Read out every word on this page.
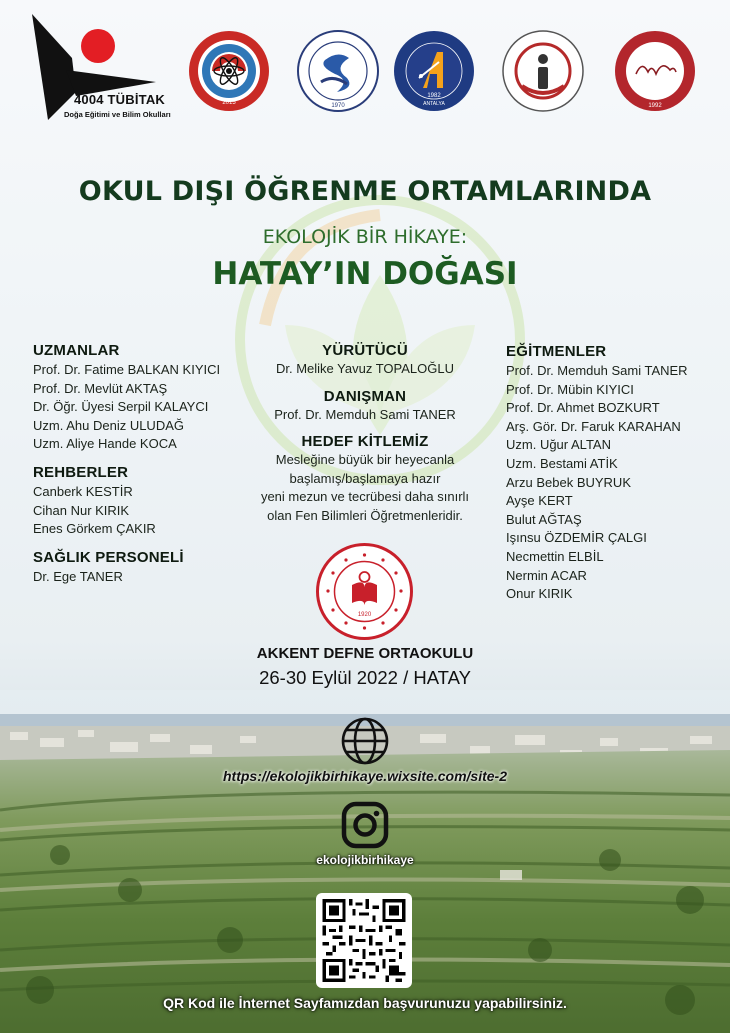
4004 TÜBİTAK
Doğa Eğitimi ve Bilim Okulları
2015	1970
1982
ANTALYA	1992
OKUL DIŞI ÖĞRENME ORTAMLARINDA
EKOLOJİK BİR HİKAYE:
HATAY’IN DOĞASI
UZMANLAR
Prof. Dr. Fatime BALKAN KIYICI
Prof. Dr. Mevlüt AKTAŞ
Dr. Öğr. Üyesi Serpil KALAYCI
Uzm. Ahu Deniz ULUDAĞ
Uzm. Aliye Hande KOCA
REHBERLER
Canberk KESTİR
Cihan Nur KIRIK
Enes Görkem ÇAKIR
SAĞLIK PERSONELİ
Dr. Ege TANER
YÜRÜTÜCÜ
Dr. Melike Yavuz TOPALOĞLU
DANIŞMAN
Prof. Dr. Memduh Sami TANER
HEDEF KİTLEMİZ
Mesleğine büyük bir heyecanla
başlamış/başlamaya hazır
yeni mezun ve tecrübesi daha sınırlı
olan Fen Bilimleri Öğretmenleridir.
1920
EĞİTMENLER
Prof. Dr. Memduh Sami TANER
Prof. Dr. Mübin KIYICI
Prof. Dr. Ahmet BOZKURT
Arş. Gör. Dr. Faruk KARAHAN
Uzm. Uğur ALTAN
Uzm. Bestami ATİK
Arzu Bebek BUYRUK
Ayşe KERT
Bulut AĞTAŞ
Işınsu ÖZDEMİR ÇALGI
Necmettin ELBİL
Nermin ACAR
Onur KIRIK
AKKENT DEFNE ORTAOKULU
26-30 Eylül 2022 / HATAY
https://ekolojikbirhikaye.wixsite.com/site-2
ekolojikbirhikaye
QR Kod ile İnternet Sayfamızdan başvurunuzu yapabilirsiniz.
